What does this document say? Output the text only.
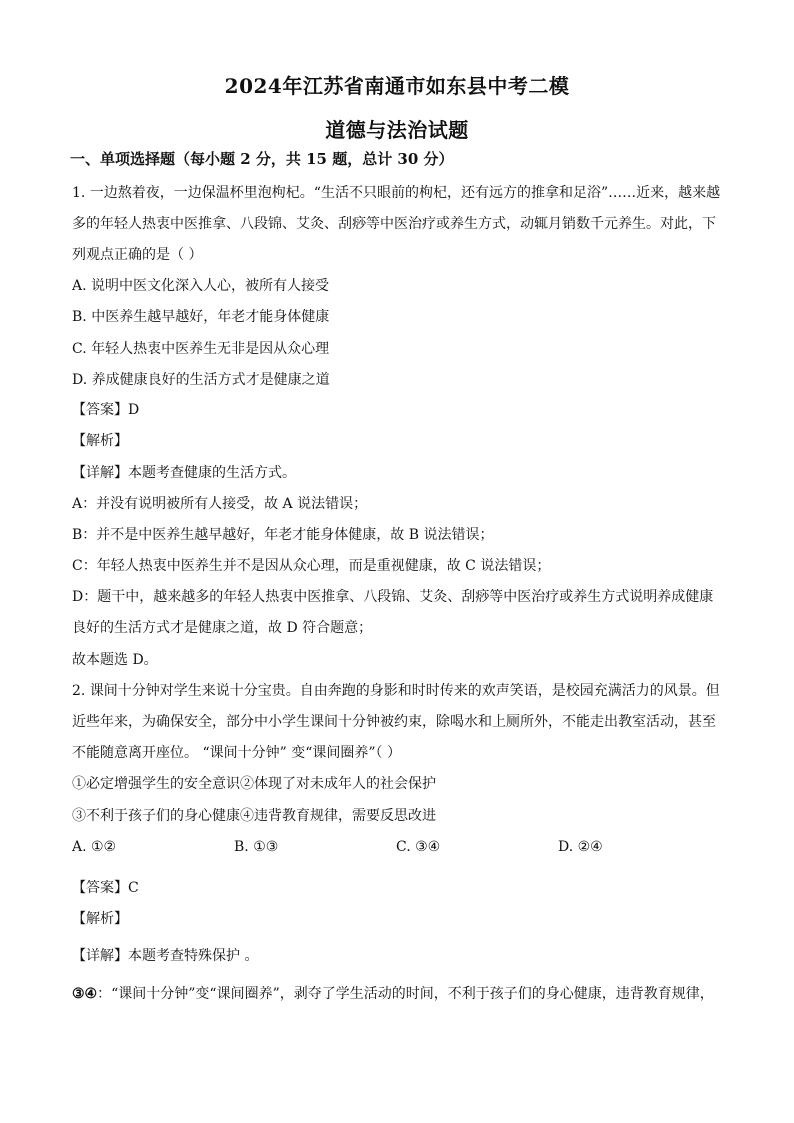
2024年江苏省南通市如东县中考二模
道德与法治试题
一、单项选择题（每小题 2 分，共 15 题，总计 30 分）
1. 一边熬着夜，一边保温杯里泡枸杞。“生活不只眼前的枸杞，还有远方的推拿和足浴”……近来，越来越
多的年轻人热衷中医推拿、八段锦、艾灸、刮痧等中医治疗或养生方式，动辄月销数千元养生。对此，下
列观点正确的是（ ）
A. 说明中医文化深入人心，被所有人接受
B. 中医养生越早越好，年老才能身体健康
C. 年轻人热衷中医养生无非是因从众心理
D. 养成健康良好的生活方式才是健康之道
【答案】D
【解析】
【详解】本题考查健康的生活方式。
A：并没有说明被所有人接受，故 A 说法错误；
B：并不是中医养生越早越好，年老才能身体健康，故 B 说法错误；
C：年轻人热衷中医养生并不是因从众心理，而是重视健康，故 C 说法错误；
D：题干中，越来越多的年轻人热衷中医推拿、八段锦、艾灸、刮痧等中医治疗或养生方式说明养成健康
良好的生活方式才是健康之道，故 D 符合题意；
故本题选 D。
2. 课间十分钟对学生来说十分宝贵。自由奔跑的身影和时时传来的欢声笑语，是校园充满活力的风景。但
近些年来，为确保安全，部分中小学生课间十分钟被约束，除喝水和上厕所外，不能走出教室活动，甚至
不能随意离开座位。 “课间十分钟” 变“课间圈养”（ ）
①必定增强学生的安全意识②体现了对未成年人的社会保护
③不利于孩子们的身心健康④违背教育规律，需要反思改进
A. ①②	B. ①③	C. ③④	D. ②④
【答案】C
【解析】
【详解】本题考查特殊保护 。
③④：“课间十分钟”变“课间圈养”，剥夺了学生活动的时间，不利于孩子们的身心健康，违背教育规律，
